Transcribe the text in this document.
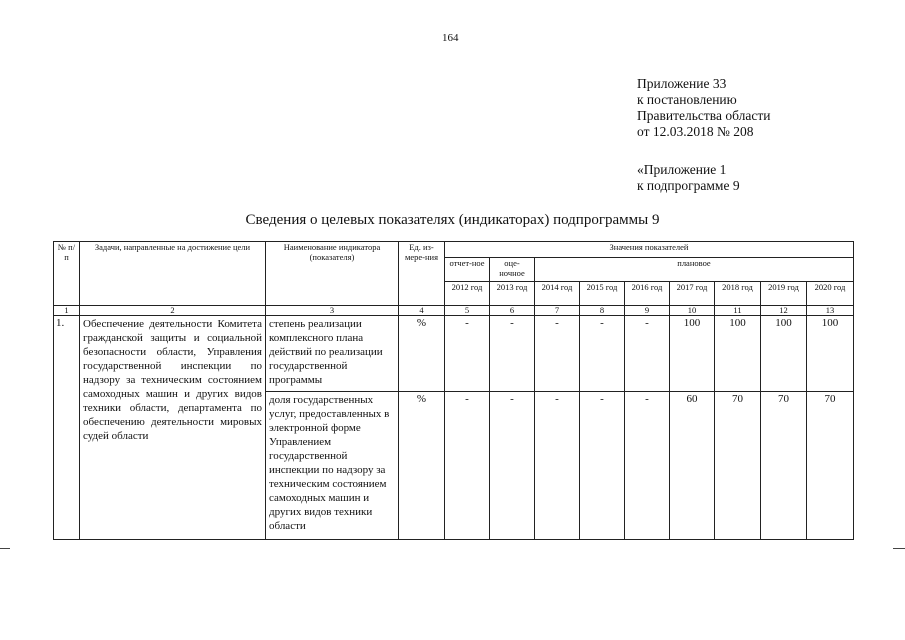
164
Приложение 33
к постановлению
Правительства области
от 12.03.2018 № 208
«Приложение 1
к подпрограмме 9
Сведения о целевых показателях (индикаторах) подпрограммы 9
№ п/п	Задачи, направленные на достижение цели	Наименование индикатора (показателя)	Ед. из-мере-ния	Значения показателей								
				отчет-ное	оце-ночное	плановое						
				2012 год	2013 год	2014 год	2015 год	2016 год	2017 год	2018 год	2019 год	2020 год
1	2	3	4	5	6	7	8	9	10	11	12	13
1.	Обеспечение деятельности Комитета гражданской защиты и социальной безопасности области, Управления государственной инспекции по надзору за техническим состоянием самоходных машин и других видов техники области, департамента по обеспечению деятельности мировых судей области	степень реализации комплексного плана действий по реализации государственной программы	%	-	-	-	-	-	100	100	100	100
		доля государственных услуг, предоставленных в электронной форме Управлением государственной инспекции по надзору за техническим состоянием самоходных машин и других видов техники области	%	-	-	-	-	-	60	70	70	70
